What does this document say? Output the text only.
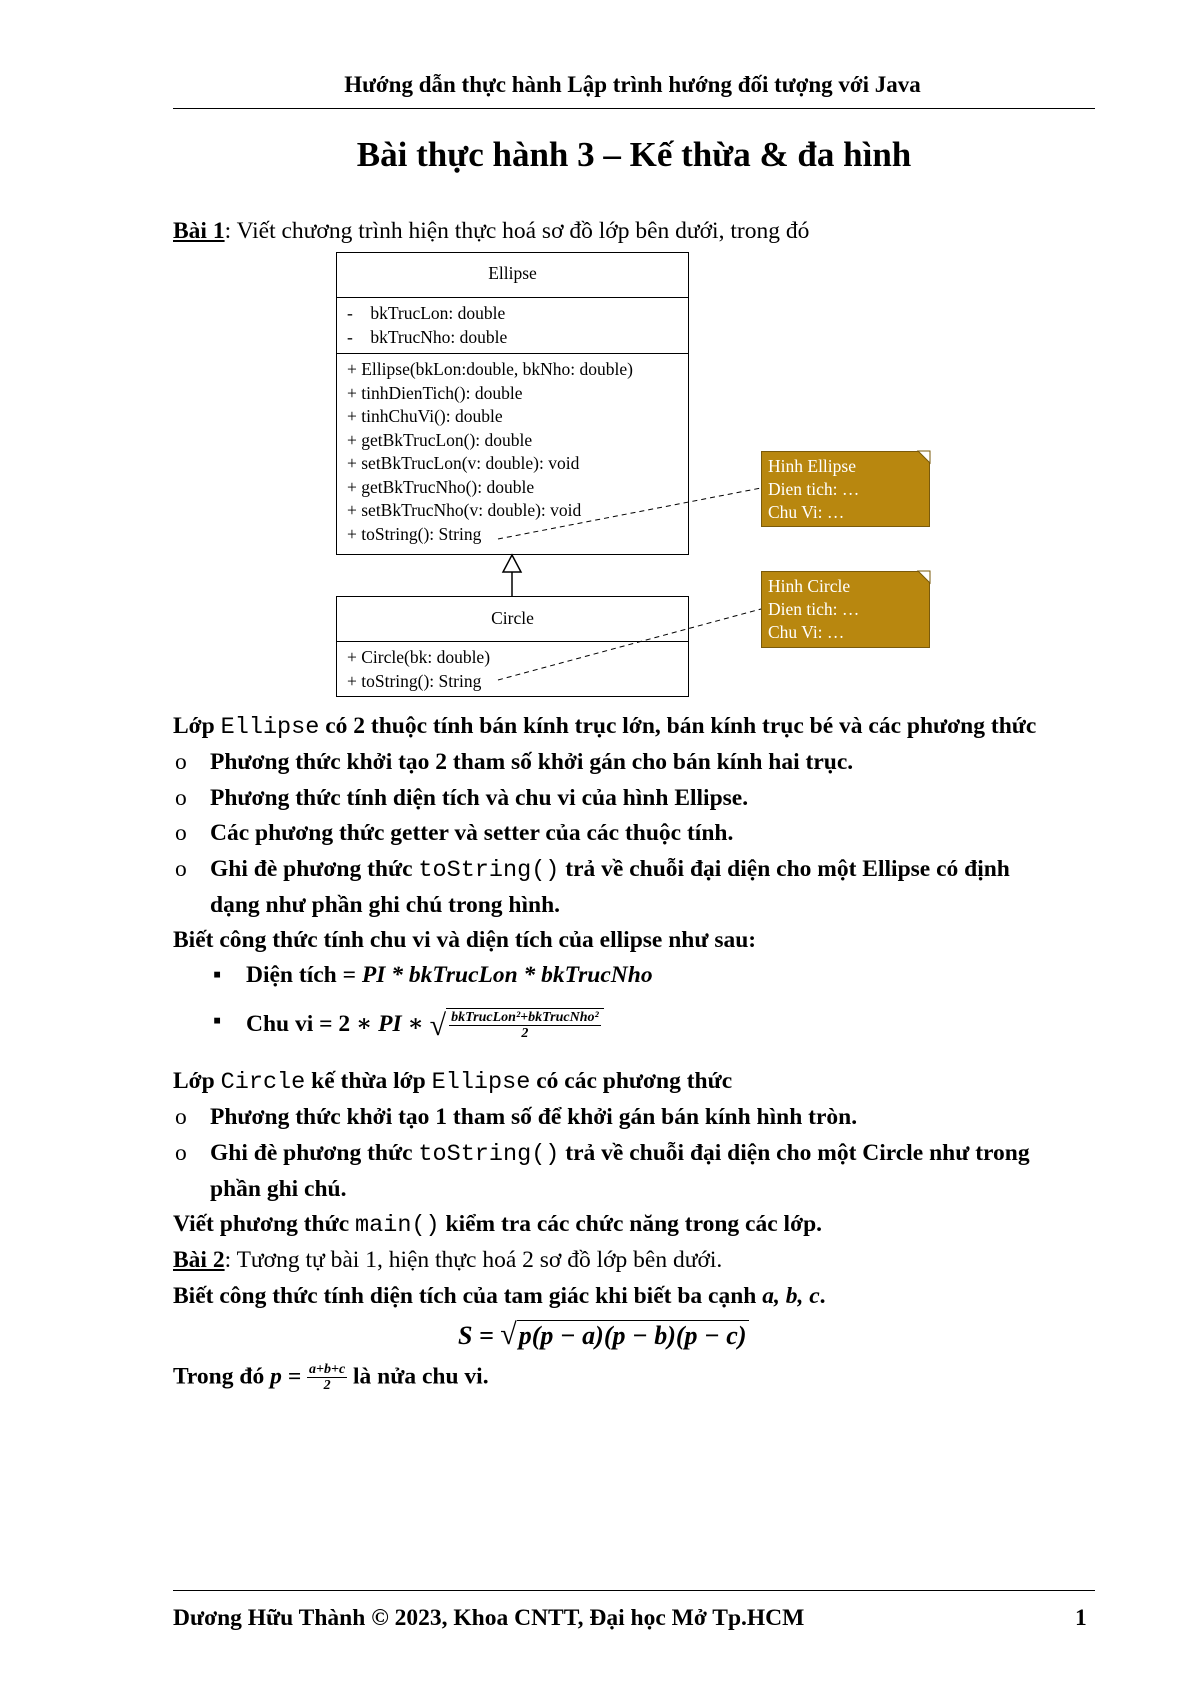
Hướng dẫn thực hành Lập trình hướng đối tượng với Java
Bài thực hành 3 – Kế thừa & đa hình
Bài 1: Viết chương trình hiện thực hoá sơ đồ lớp bên dưới, trong đó
Ellipse
-    bkTrucLon: double
-    bkTrucNho: double
+ Ellipse(bkLon:double, bkNho: double)
+ tinhDienTich(): double
+ tinhChuVi(): double
+ getBkTrucLon(): double
+ setBkTrucLon(v: double): void
+ getBkTrucNho(): double
+ setBkTrucNho(v: double): void
+ toString(): String
Circle
+ Circle(bk: double)
+ toString(): String
Hinh Ellipse
Dien tich: …
Chu Vi: …
Hinh Circle
Dien tich: …
Chu Vi: …
Lớp Ellipse có 2 thuộc tính bán kính trục lớn, bán kính trục bé và các phương thức
o Phương thức khởi tạo 2 tham số khởi gán cho bán kính hai trục.
o Phương thức tính diện tích và chu vi của hình Ellipse.
o Các phương thức getter và setter của các thuộc tính.
o Ghi đè phương thức toString() trả về chuỗi đại diện cho một Ellipse có định
dạng như phần ghi chú trong hình.
Biết công thức tính chu vi và diện tích của ellipse như sau:
▪ Diện tích = PI * bkTrucLon * bkTrucNho
▪ Chu vi = 2 ∗ PI ∗ √ $\frac{\text{bkTrucLon²+bkTrucNho²}}{2}$
Lớp Circle kế thừa lớp Ellipse có các phương thức
o Phương thức khởi tạo 1 tham số để khởi gán bán kính hình tròn.
o Ghi đè phương thức toString() trả về chuỗi đại diện cho một Circle như trong
phần ghi chú.
Viết phương thức main() kiểm tra các chức năng trong các lớp.
Bài 2: Tương tự bài 1, hiện thực hoá 2 sơ đồ lớp bên dưới.
Biết công thức tính diện tích của tam giác khi biết ba cạnh a, b, c.
S = √p(p − a)(p − b)(p − c)
Trong đó $p = \frac{a+b+c}{2}$ là nửa chu vi.
Dương Hữu Thành © 2023, Khoa CNTT, Đại học Mở Tp.HCM	1
